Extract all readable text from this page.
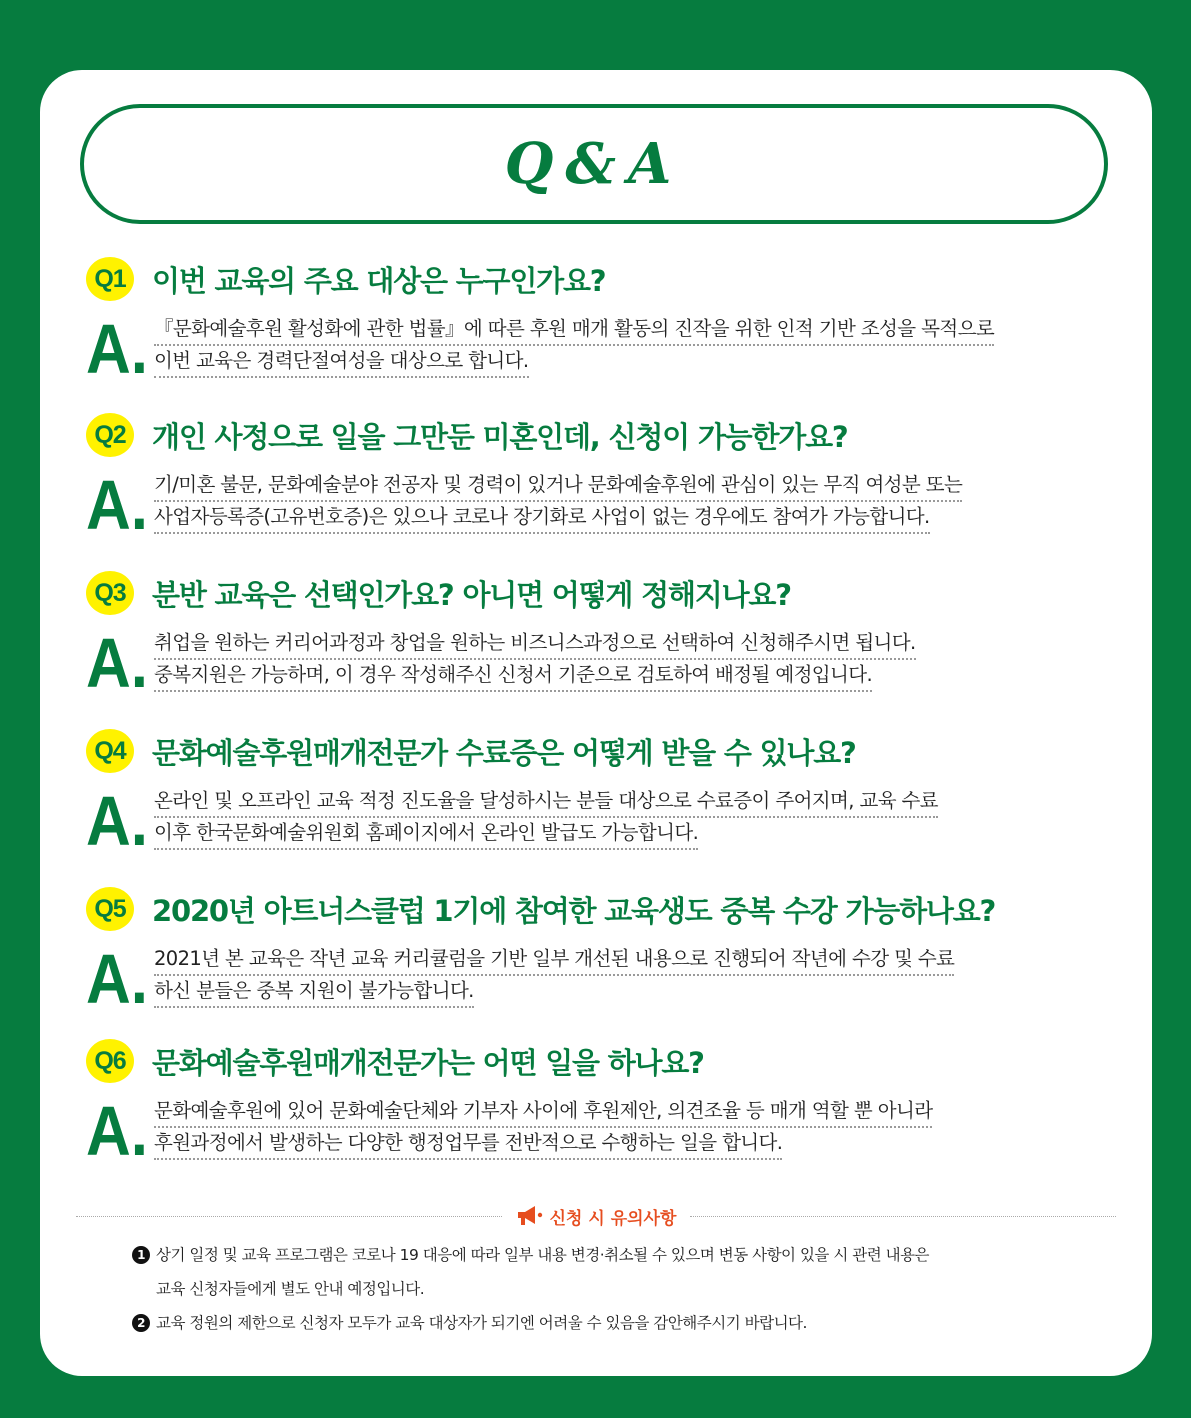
Q&A
Q1 이번 교육의 주요 대상은 누구인가요?
A. 『문화예술후원 활성화에 관한 법률』에 따른 후원 매개 활동의 진작을 위한 인적 기반 조성을 목적으로
이번 교육은 경력단절여성을 대상으로 합니다.
Q2 개인 사정으로 일을 그만둔 미혼인데, 신청이 가능한가요?
A. 기/미혼 불문, 문화예술분야 전공자 및 경력이 있거나 문화예술후원에 관심이 있는 무직 여성분 또는
사업자등록증(고유번호증)은 있으나 코로나 장기화로 사업이 없는 경우에도 참여가 가능합니다.
Q3 분반 교육은 선택인가요? 아니면 어떻게 정해지나요?
A. 취업을 원하는 커리어과정과 창업을 원하는 비즈니스과정으로 선택하여 신청해주시면 됩니다.
중복지원은 가능하며, 이 경우 작성해주신 신청서 기준으로 검토하여 배정될 예정입니다.
Q4 문화예술후원매개전문가 수료증은 어떻게 받을 수 있나요?
A. 온라인 및 오프라인 교육 적정 진도율을 달성하시는 분들 대상으로 수료증이 주어지며, 교육 수료
이후 한국문화예술위원회 홈페이지에서 온라인 발급도 가능합니다.
Q5 2020년 아트너스클럽 1기에 참여한 교육생도 중복 수강 가능하나요?
A. 2021년 본 교육은 작년 교육 커리큘럼을 기반 일부 개선된 내용으로 진행되어 작년에 수강 및 수료
하신 분들은 중복 지원이 불가능합니다.
Q6 문화예술후원매개전문가는 어떤 일을 하나요?
A. 문화예술후원에 있어 문화예술단체와 기부자 사이에 후원제안, 의견조율 등 매개 역할 뿐 아니라
후원과정에서 발생하는 다양한 행정업무를 전반적으로 수행하는 일을 합니다.
신청 시 유의사항
1 상기 일정 및 교육 프로그램은 코로나 19 대응에 따라 일부 내용 변경·취소될 수 있으며 변동 사항이 있을 시 관련 내용은
교육 신청자들에게 별도 안내 예정입니다.
2 교육 정원의 제한으로 신청자 모두가 교육 대상자가 되기엔 어려울 수 있음을 감안해주시기 바랍니다.
